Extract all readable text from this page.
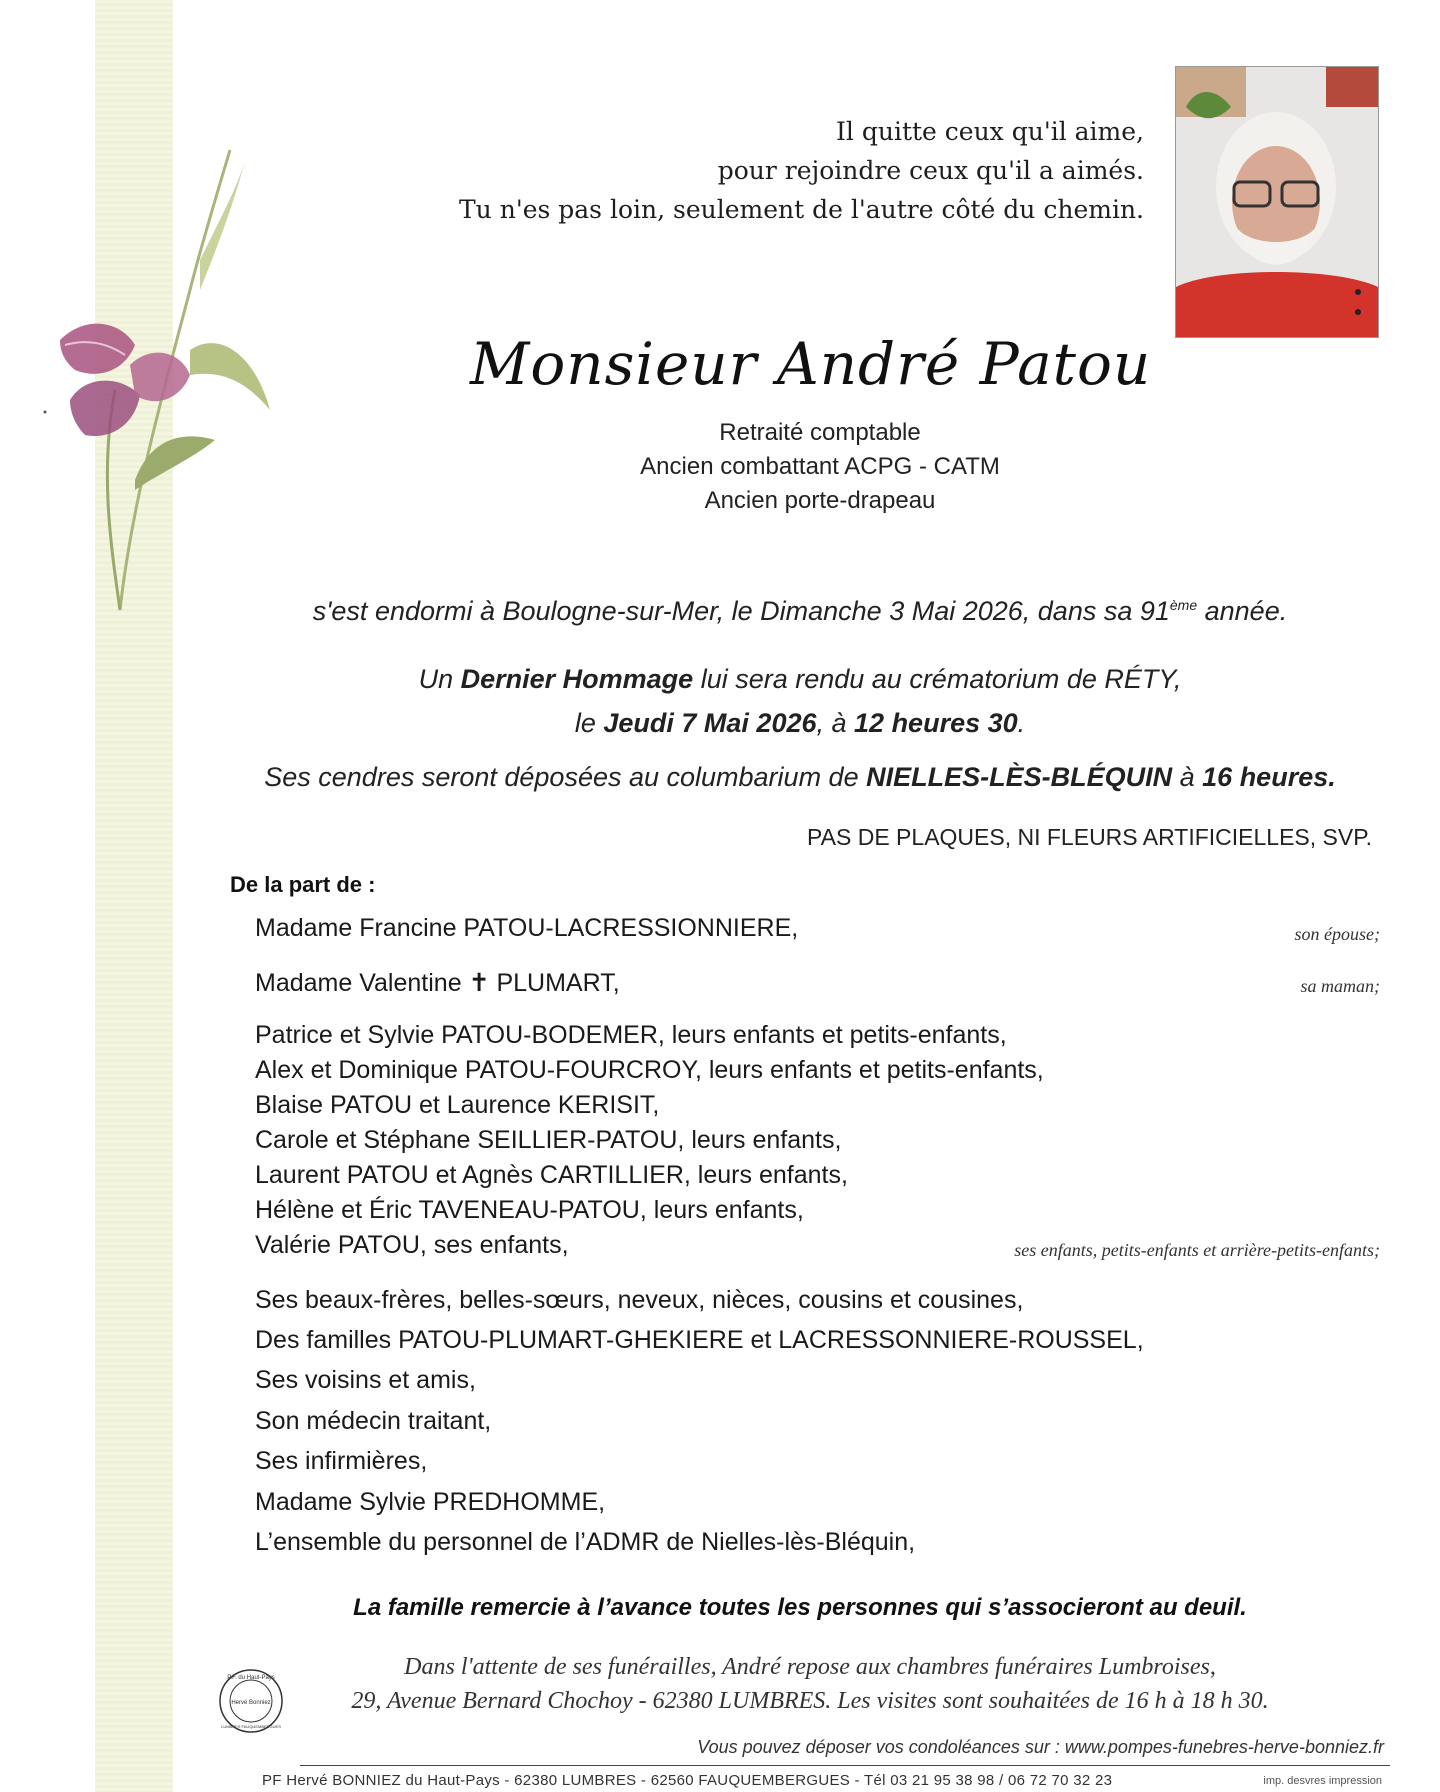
Il quitte ceux qu'il aime,
pour rejoindre ceux qu'il a aimés.
Tu n'es pas loin, seulement de l'autre côté du chemin.
Monsieur André Patou
Retraité comptable
Ancien combattant ACPG - CATM
Ancien porte-drapeau
s'est endormi à Boulogne-sur-Mer, le Dimanche 3 Mai 2026, dans sa 91ème année.
Un Dernier Hommage lui sera rendu au crématorium de RÉTY,
le Jeudi 7 Mai 2026, à 12 heures 30.
Ses cendres seront déposées au columbarium de NIELLES-LÈS-BLÉQUIN à 16 heures.
PAS DE PLAQUES, NI FLEURS ARTIFICIELLES, SVP.
De la part de :
Madame Francine PATOU-LACRESSIONNIERE,	son épouse;
Madame Valentine ✝ PLUMART,	sa maman;
Patrice et Sylvie PATOU-BODEMER, leurs enfants et petits-enfants,
Alex et Dominique PATOU-FOURCROY, leurs enfants et petits-enfants,
Blaise PATOU et Laurence KERISIT,
Carole et Stéphane SEILLIER-PATOU, leurs enfants,
Laurent PATOU et Agnès CARTILLIER, leurs enfants,
Hélène et Éric TAVENEAU-PATOU, leurs enfants,
Valérie PATOU, ses enfants,	ses enfants, petits-enfants et arrière-petits-enfants;
Ses beaux-frères, belles-sœurs, neveux, nièces, cousins et cousines,
Des familles PATOU-PLUMART-GHEKIERE et LACRESSONNIERE-ROUSSEL,
Ses voisins et amis,
Son médecin traitant,
Ses infirmières,
Madame Sylvie PREDHOMME,
L’ensemble du personnel de l’ADMR de Nielles-lès-Bléquin,
La famille remercie à l’avance toutes les personnes qui s’associeront au deuil.
Dans l'attente de ses funérailles, André repose aux chambres funéraires Lumbroises,
29, Avenue Bernard Chochoy - 62380 LUMBRES. Les visites sont souhaitées de 16 h à 18 h 30.
P.F. du Haut-Pays
Hervé Bonniez
LUMBRES FAUQUEMBERGUES
Vous pouvez déposer vos condoléances sur : www.pompes-funebres-herve-bonniez.fr
PF Hervé BONNIEZ du Haut-Pays - 62380 LUMBRES - 62560 FAUQUEMBERGUES - Tél 03 21 95 38 98 / 06 72 70 32 23	imp. desvres impression
